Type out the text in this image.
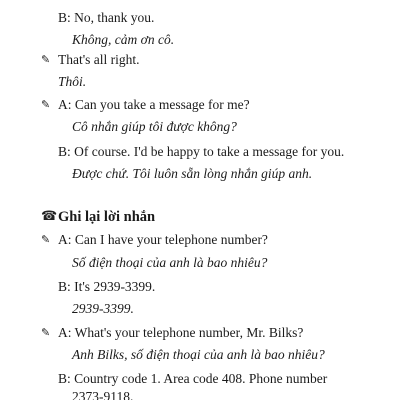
B: No, thank you.
Không, cảm ơn cô.
✎ That's all right.
Thôi.
✎ A: Can you take a message for me?
Cô nhắn giúp tôi được không?
B: Of course. I'd be happy to take a message for you.
Được chứ. Tôi luôn sẵn lòng nhắn giúp anh.
☎ Ghi lại lời nhắn
✎ A: Can I have your telephone number?
Số điện thoại của anh là bao nhiêu?
B: It's 2939-3399.
2939-3399.
✎ A: What's your telephone number, Mr. Bilks?
Anh Bilks, số điện thoại của anh là bao nhiêu?
B: Country code 1. Area code 408. Phone number
2373-9118.
